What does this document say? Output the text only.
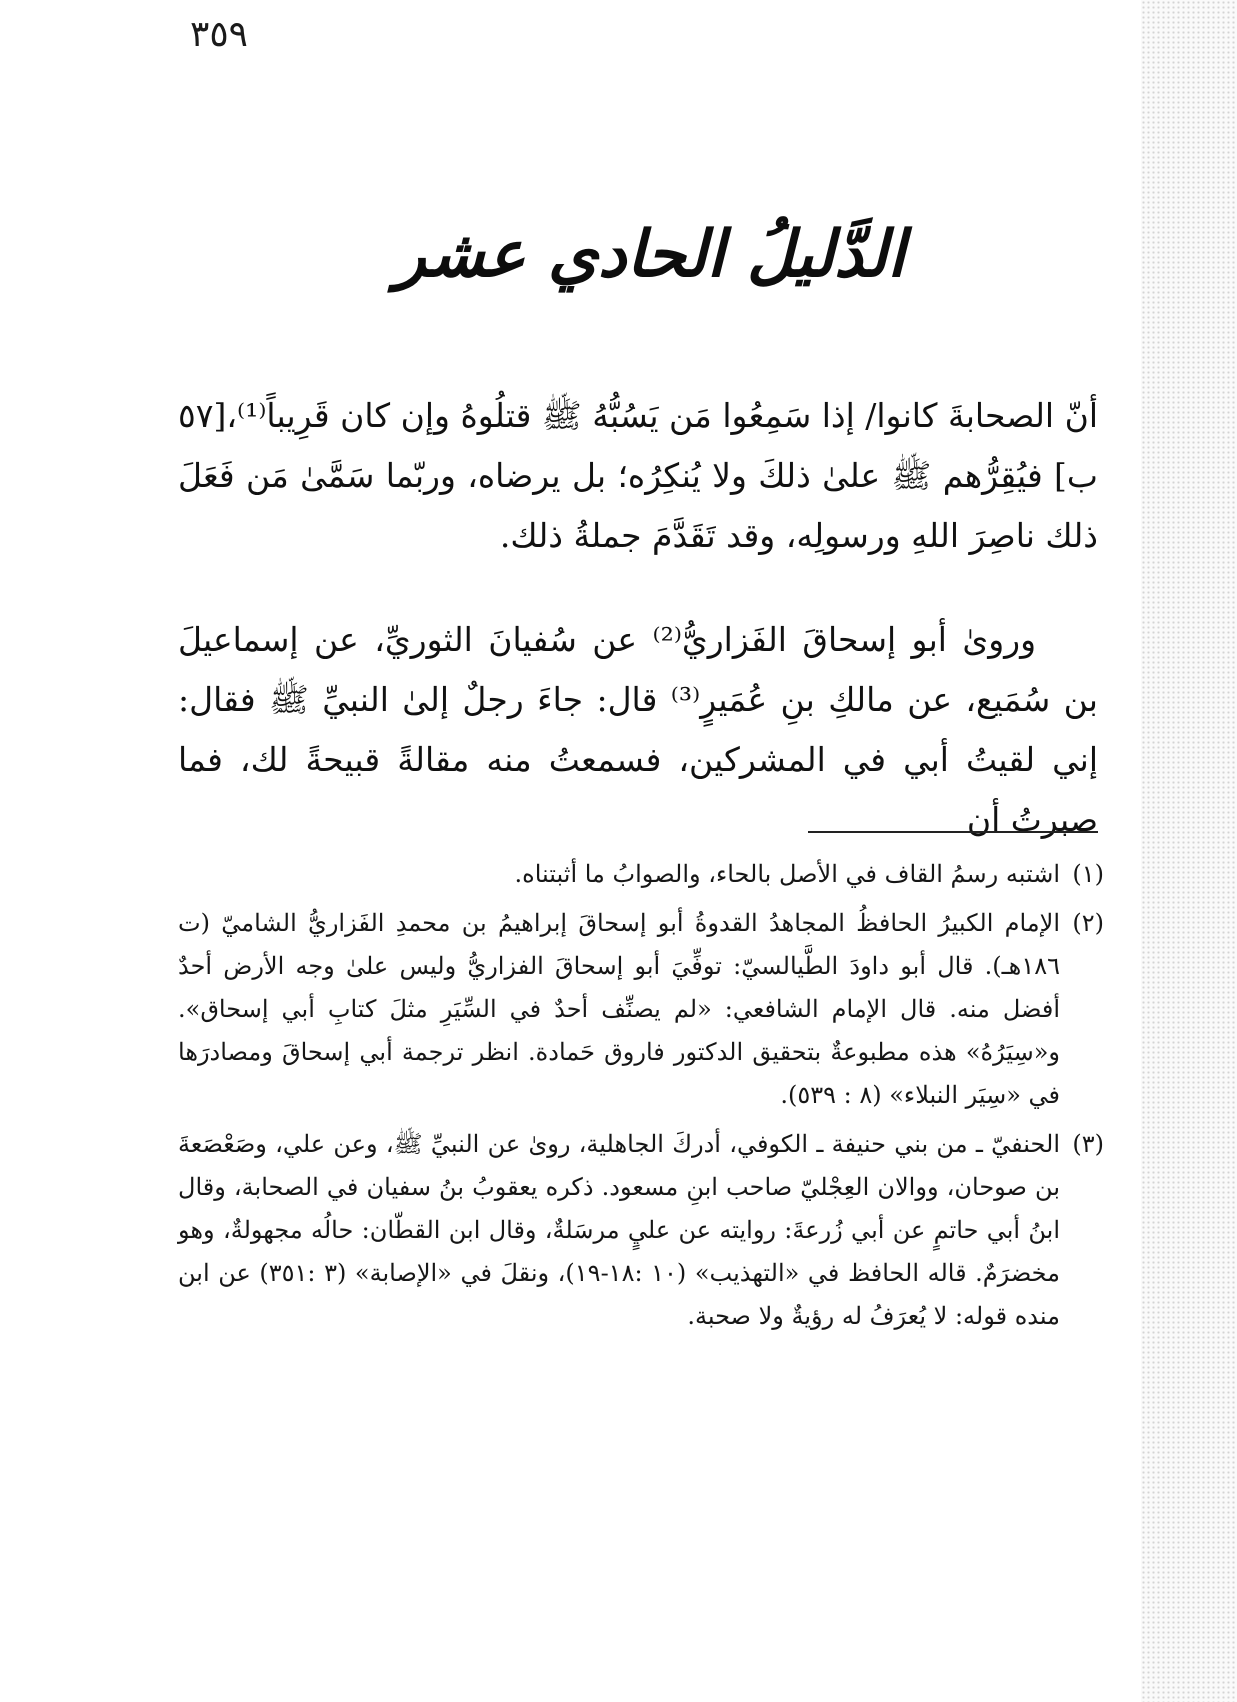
٣٥٩
الدَّليلُ الحادي عشر

أنّ الصحابةَ كانوا/ إذا سَمِعُوا مَن يَسُبُّهُ ﷺ قتلُوهُ وإن كان قَرِيباً⁽¹⁾،[٥٧ ب] فيُقِرُّهم ﷺ علىٰ ذلكَ ولا يُنكِرُه؛ بل يرضاه، وربّما سَمَّىٰ مَن فَعَلَ ذلك ناصِرَ اللهِ ورسولِه، وقد تَقَدَّمَ جملةُ ذلك.

وروىٰ أبو إسحاقَ الفَزاريُّ⁽²⁾ عن سُفيانَ الثوريِّ، عن إسماعيلَ بن سُمَيع، عن مالكِ بنِ عُمَيرٍ⁽³⁾ قال: جاءَ رجلٌ إلىٰ النبيِّ ﷺ فقال: إني لقيتُ أبي في المشركين، فسمعتُ منه مقالةً قبيحةً لك، فما صبرتُ أن

(١)
اشتبه رسمُ القاف في الأصل بالحاء، والصوابُ ما أثبتناه.
(٢)
الإمام الكبيرُ الحافظُ المجاهدُ القدوةُ أبو إسحاقَ إبراهيمُ بن محمدِ الفَزاريُّ الشاميّ (ت ١٨٦هـ). قال أبو داودَ الطَّيالسيّ: توفِّيَ أبو إسحاقَ الفزاريُّ وليس علىٰ وجه الأرض أحدٌ أفضل منه. قال الإمام الشافعي: «لم يصنِّف أحدٌ في السِّيَرِ مثلَ كتابِ أبي إسحاق». و«سِيَرُهُ» هذه مطبوعةٌ بتحقيق الدكتور فاروق حَمادة. انظر ترجمة أبي إسحاقَ ومصادرَها في «سِيَر النبلاء» (٨ : ٥٣٩).
(٣)
الحنفيّ ـ من بني حنيفة ـ الكوفي، أدركَ الجاهلية، روىٰ عن النبيِّ ﷺ، وعن علي، وصَعْصَعةَ بن صوحان، ووالان العِجْليّ صاحب ابنِ مسعود. ذكره يعقوبُ بنُ سفيان في الصحابة، وقال ابنُ أبي حاتمٍ عن أبي زُرعةَ: روايته عن عليٍ مرسَلةٌ، وقال ابن القطّان: حالُه مجهولةٌ، وهو مخضرَمٌ. قاله الحافظ في «التهذيب» (١٠ :١٨-١٩)، ونقلَ في «الإصابة» (٣ :٣٥١) عن ابن منده قوله: لا يُعرَفُ له رؤيةٌ ولا صحبة.
